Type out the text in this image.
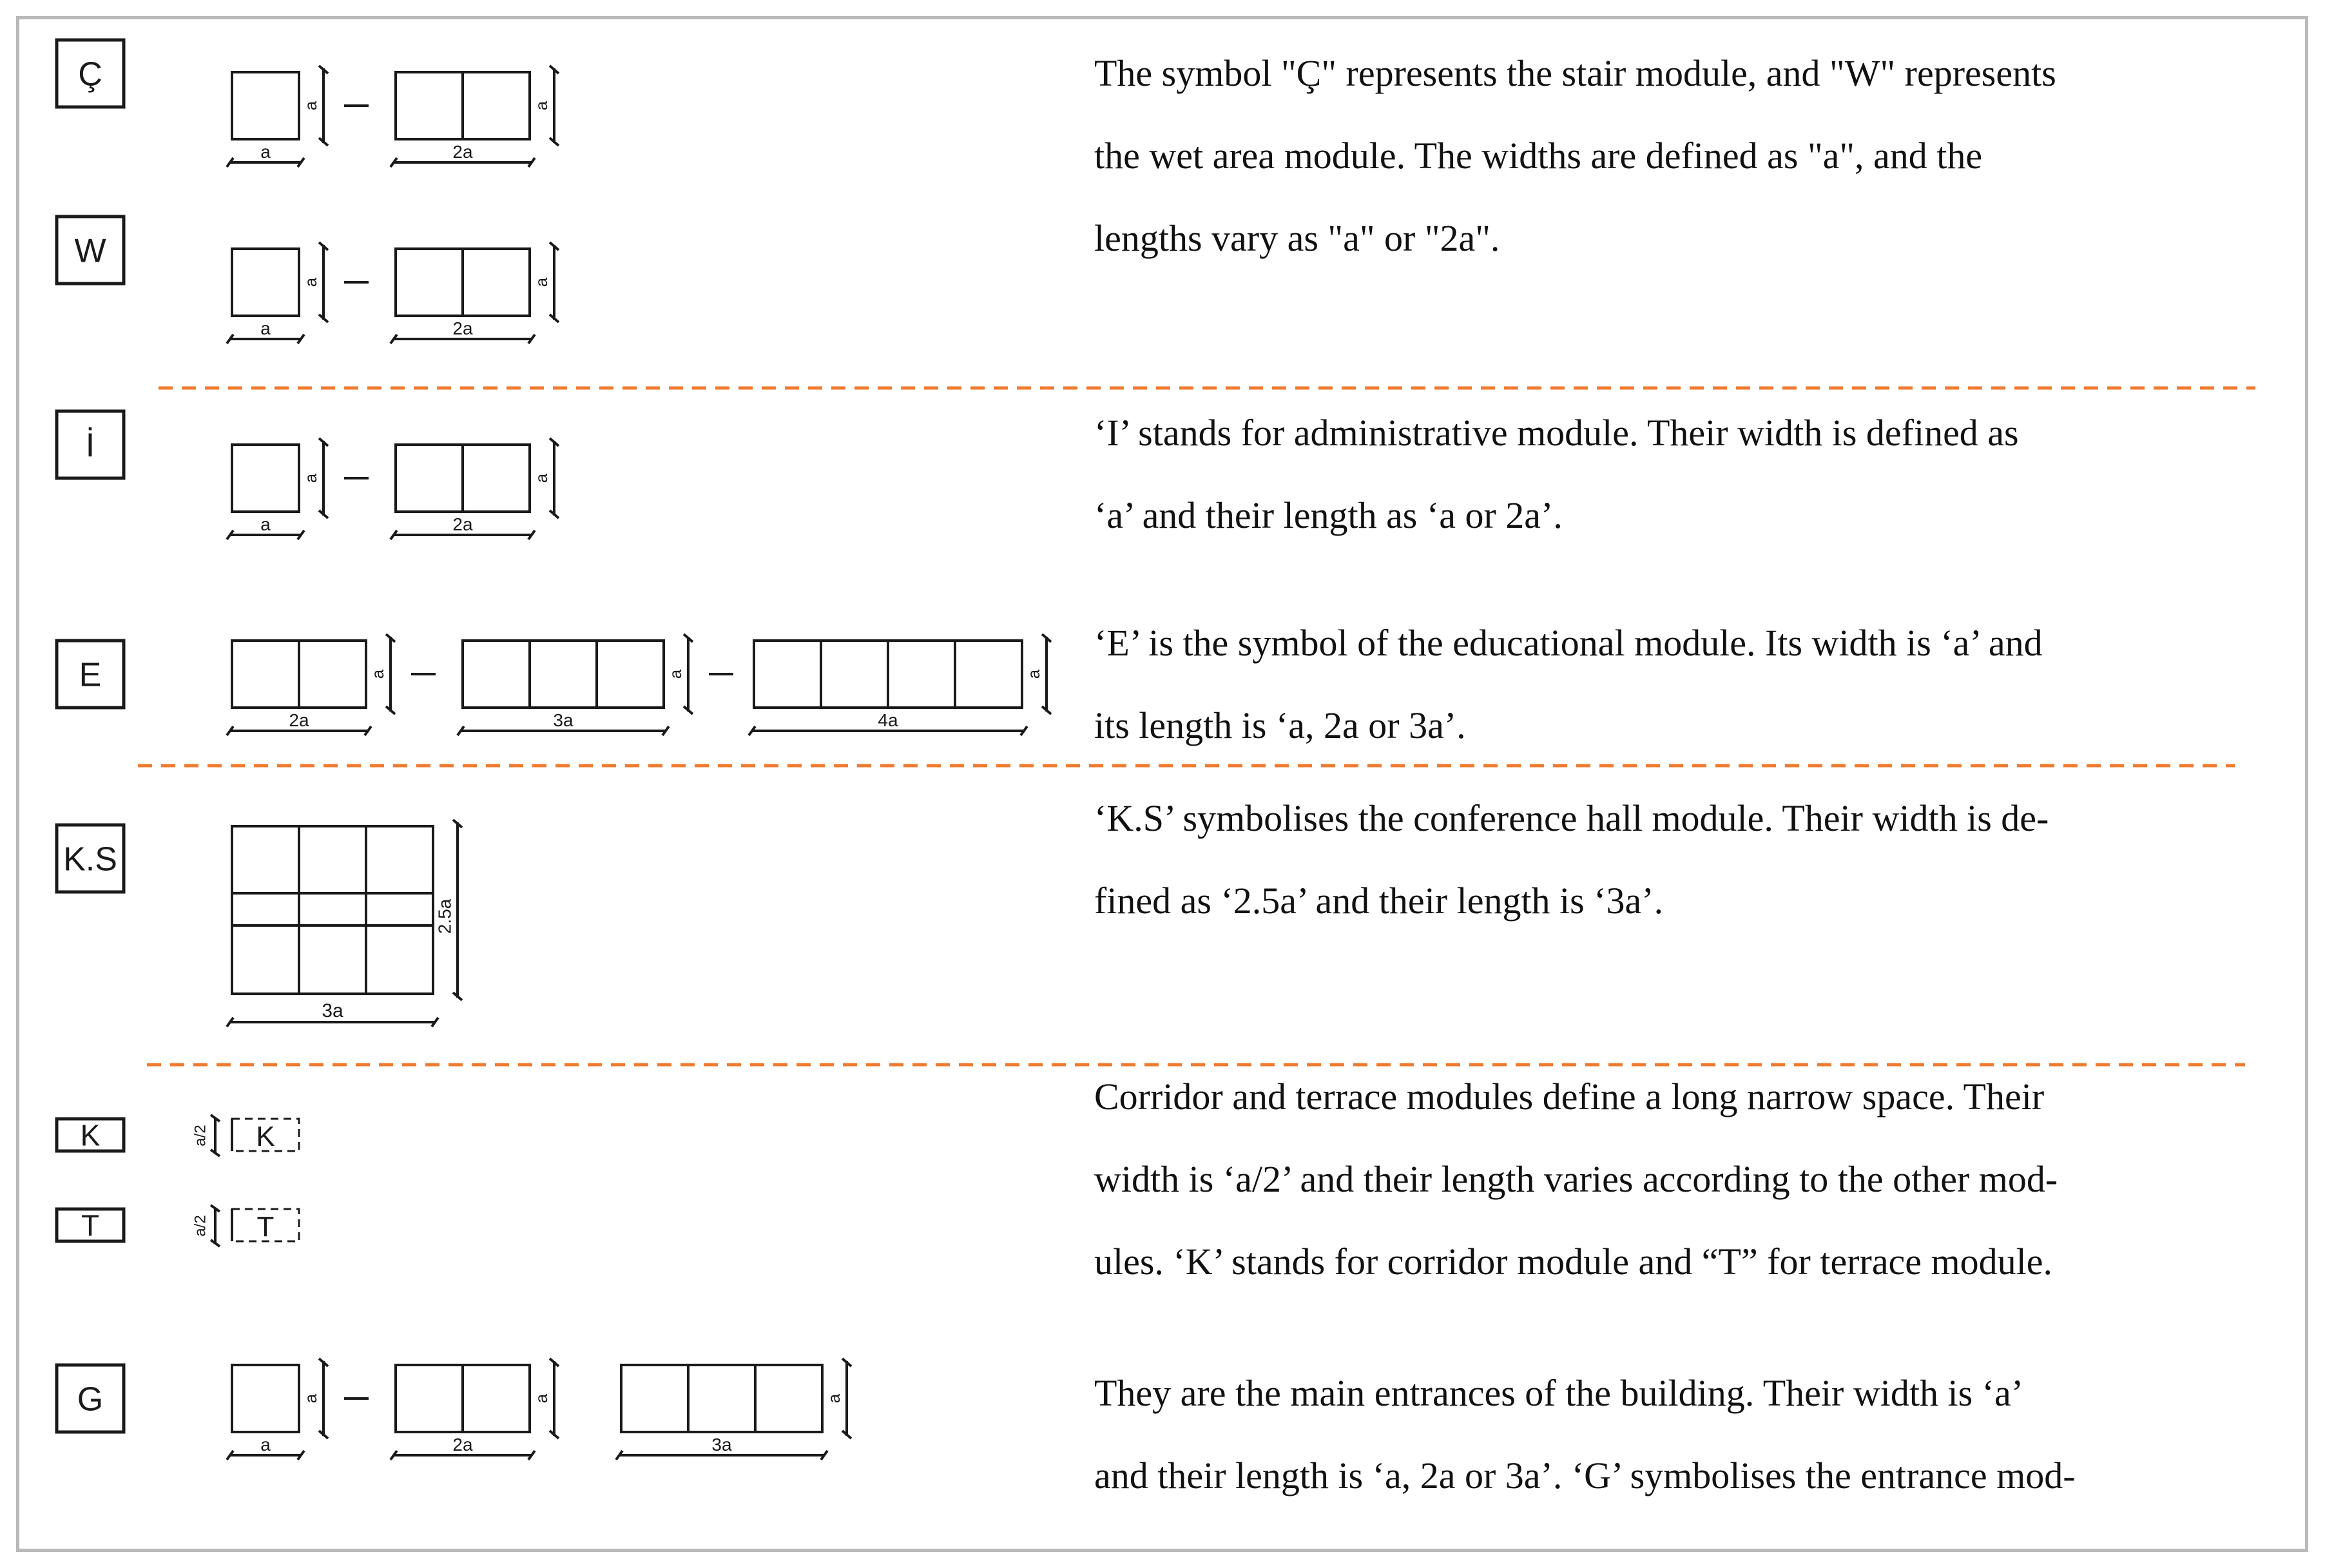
Ç
a
a
2a
a
W
a
a
2a
a
İ
a
a
2a
a
E
2a
a
3a
a
4a
a
K.S
3a
2.5a
K	a/2 K
T	a/2 T
G
a
a
2a
a
3a
a

The symbol "Ç" represents the stair module, and "W" represents
the wet area module. The widths are defined as "a", and the
lengths vary as "a" or "2a".

‘I’ stands for administrative module. Their width is defined as
‘a’ and their length as ‘a or 2a’.

‘E’ is the symbol of the educational module. Its width is ‘a’ and
its length is ‘a, 2a or 3a’.

‘K.S’ symbolises the conference hall module. Their width is de-
fined as ‘2.5a’ and their length is ‘3a’.

Corridor and terrace modules define a long narrow space. Their
width is ‘a/2’ and their length varies according to the other mod-
ules. ‘K’ stands for corridor module and “T” for terrace module.

They are the main entrances of the building. Their width is ‘a’
and their length is ‘a, 2a or 3a’. ‘G’ symbolises the entrance mod-
